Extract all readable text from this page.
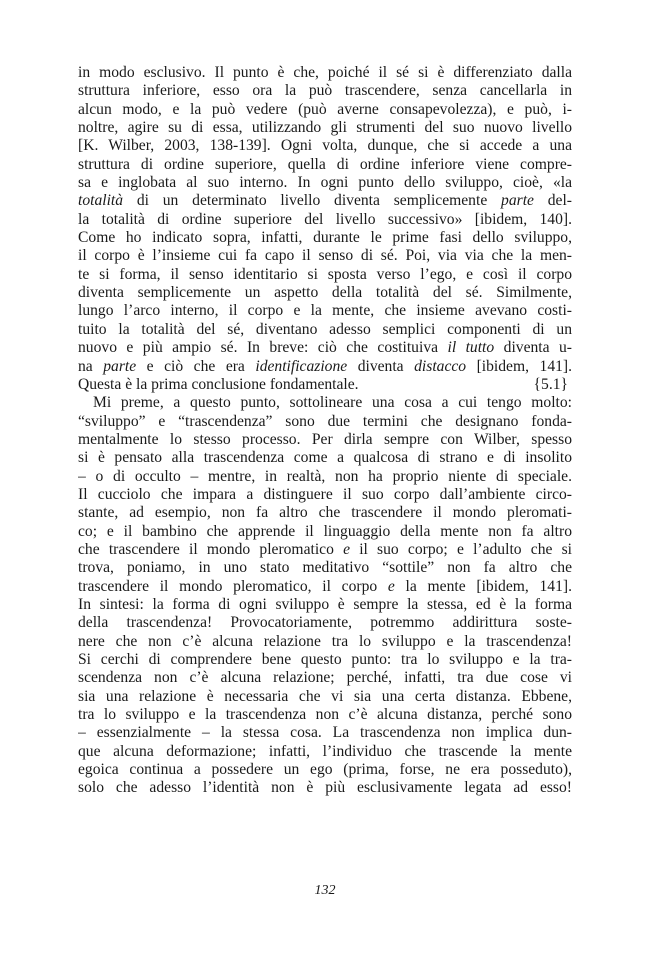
in modo esclusivo. Il punto è che, poiché il sé si è differenziato dalla
struttura inferiore, esso ora la può trascendere, senza cancellarla in
alcun modo, e la può vedere (può averne consapevolezza), e può, i-
noltre, agire su di essa, utilizzando gli strumenti del suo nuovo livello
[K. Wilber, 2003, 138-139]. Ogni volta, dunque, che si accede a una
struttura di ordine superiore, quella di ordine inferiore viene compre-
sa e inglobata al suo interno. In ogni punto dello sviluppo, cioè, «la
totalità di un determinato livello diventa semplicemente parte del-
la totalità di ordine superiore del livello successivo» [ibidem, 140].
Come ho indicato sopra, infatti, durante le prime fasi dello sviluppo,
il corpo è l’insieme cui fa capo il senso di sé. Poi, via via che la men-
te si forma, il senso identitario si sposta verso l’ego, e così il corpo
diventa semplicemente un aspetto della totalità del sé. Similmente,
lungo l’arco interno, il corpo e la mente, che insieme avevano costi-
tuito la totalità del sé, diventano adesso semplici componenti di un
nuovo e più ampio sé. In breve: ciò che costituiva il tutto diventa u-
na parte e ciò che era identificazione diventa distacco [ibidem, 141].
Questa è la prima conclusione fondamentale.	{5.1}
Mi preme, a questo punto, sottolineare una cosa a cui tengo molto:
“sviluppo” e “trascendenza” sono due termini che designano fonda-
mentalmente lo stesso processo. Per dirla sempre con Wilber, spesso
si è pensato alla trascendenza come a qualcosa di strano e di insolito
– o di occulto – mentre, in realtà, non ha proprio niente di speciale.
Il cucciolo che impara a distinguere il suo corpo dall’ambiente circo-
stante, ad esempio, non fa altro che trascendere il mondo pleromati-
co; e il bambino che apprende il linguaggio della mente non fa altro
che trascendere il mondo pleromatico e il suo corpo; e l’adulto che si
trova, poniamo, in uno stato meditativo “sottile” non fa altro che
trascendere il mondo pleromatico, il corpo e la mente [ibidem, 141].
In sintesi: la forma di ogni sviluppo è sempre la stessa, ed è la forma
della trascendenza! Provocatoriamente, potremmo addirittura soste-
nere che non c’è alcuna relazione tra lo sviluppo e la trascendenza!
Si cerchi di comprendere bene questo punto: tra lo sviluppo e la tra-
scendenza non c’è alcuna relazione; perché, infatti, tra due cose vi
sia una relazione è necessaria che vi sia una certa distanza. Ebbene,
tra lo sviluppo e la trascendenza non c’è alcuna distanza, perché sono
– essenzialmente – la stessa cosa. La trascendenza non implica dun-
que alcuna deformazione; infatti, l’individuo che trascende la mente
egoica continua a possedere un ego (prima, forse, ne era posseduto),
solo che adesso l’identità non è più esclusivamente legata ad esso!
132
